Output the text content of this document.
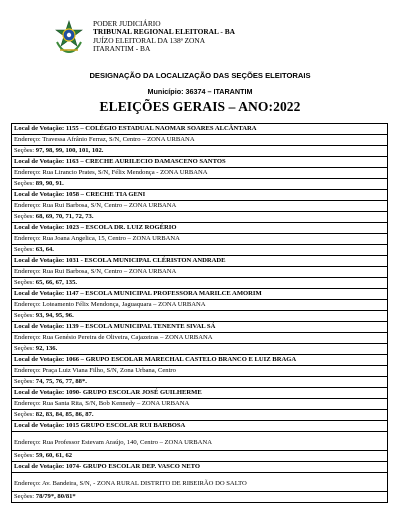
PODER JUDICIÁRIO
TRIBUNAL REGIONAL ELEITORAL - BA
JUÍZO ELEITORAL DA 138ª ZONA
ITARANTIM - BA
DESIGNAÇÃO DA LOCALIZAÇÃO DAS SEÇÕES ELEITORAIS
Município: 36374 – ITARANTIM
ELEIÇÕES GERAIS – ANO:2022
Local de Votação: 1155 – COLÉGIO ESTADUAL NAOMAR SOARES ALCÂNTARA
Endereço: Travessa Afrânio Ferraz, S/N, Centro – ZONA URBANA
Seções: 97, 98, 99, 100, 101, 102.
Local de Votação: 1163 – CRECHE AURILECIO DAMASCENO SANTOS
Endereço: Rua Lirancio Prates, S/N, Félix Mendonça - ZONA URBANA
Seções: 89, 90, 91.
Local de Votação: 1058 – CRECHE TIA GENI
Endereço: Rua Rui Barbosa, S/N, Centro – ZONA URBANA
Seções: 68, 69, 70, 71, 72, 73.
Local de Votação: 1023 – ESCOLA DR. LUIZ ROGÉRIO
Endereço: Rua Joana Angelica, 15, Centro – ZONA URBANA
Seções: 63, 64.
Local de Votação: 1031 - ESCOLA MUNICIPAL CLÉRISTON ANDRADE
Endereço: Rua Rui Barbosa, S/N, Centro – ZONA URBANA
Seções: 65, 66, 67, 135.
Local de Votação: 1147 – ESCOLA MUNICIPAL PROFESSORA MARILCE AMORIM
Endereço: Loteamento Félix Mendonça, Jaguaquara – ZONA URBANA
Seções: 93, 94, 95, 96.
Local de Votação: 1139 – ESCOLA MUNICIPAL TENENTE SIVAL SÁ
Endereço: Rua Genésio Pereira de Oliveira, Cajazeiras – ZONA URBANA
Seções: 92, 136.
Local de Votação: 1066 – GRUPO ESCOLAR MARECHAL CASTELO BRANCO E LUIZ BRAGA
Endereço: Praça Luiz Viana Filho, S/N, Zona Urbana, Centro
Seções: 74, 75, 76, 77, 88*.
Local de Votação: 1090- GRUPO ESCOLAR JOSÉ GUILHERME
Endereço: Rua Santa Rita, S/N, Bob Kennedy – ZONA URBANA
Seções: 82, 83, 84, 85, 86, 87.
Local de Votação: 1015 GRUPO ESCOLAR RUI BARBOSA
Endereço: Rua Professor Estevam Araújo, 140, Centro – ZONA URBANA
Seções: 59, 60, 61, 62
Local de Votação: 1074- GRUPO ESCOLAR DEP. VASCO NETO
Endereço: Av. Bandeira, S/N, - ZONA RURAL DISTRITO DE RIBEIRÃO DO SALTO
Seções: 78/79*, 80/81*
